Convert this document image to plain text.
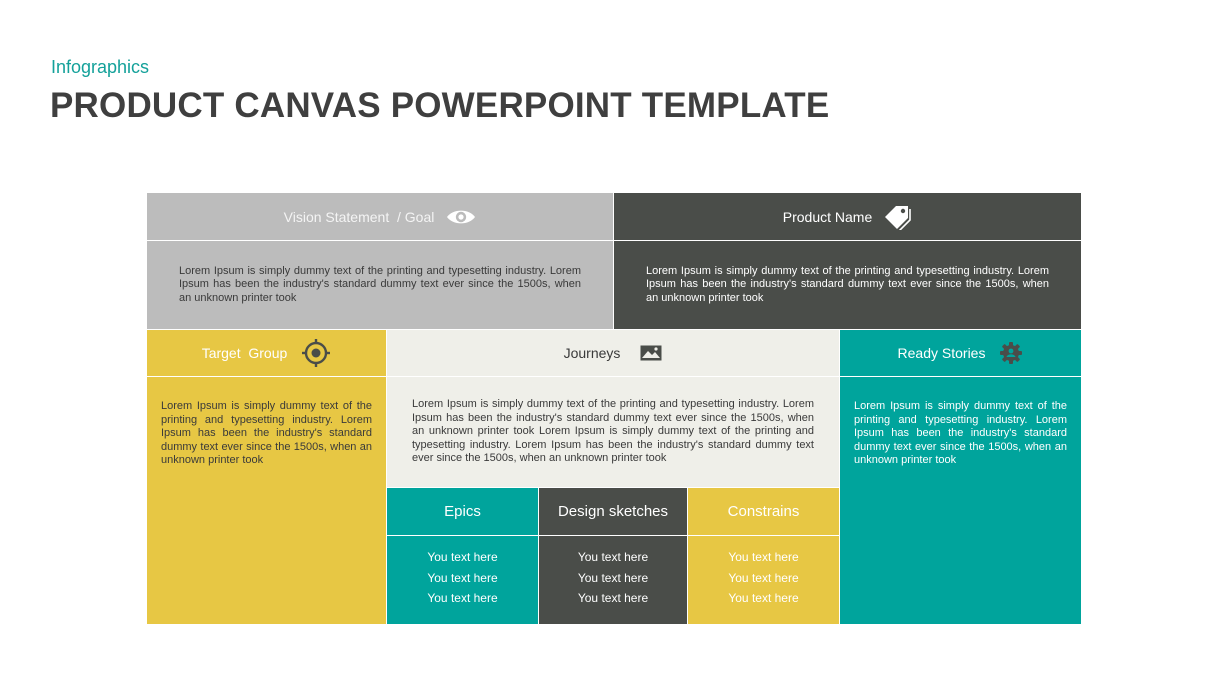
Infographics
PRODUCT CANVAS POWERPOINT TEMPLATE
Vision Statement  / Goal

Lorem Ipsum is simply dummy text of the printing and typesetting industry. Lorem Ipsum has been the industry's standard dummy text ever since the 1500s, when an unknown printer took

Product Name

Lorem Ipsum is simply dummy text of the printing and typesetting industry. Lorem Ipsum has been the industry's standard dummy text ever since the 1500s, when an unknown printer took

Target  Group

Lorem Ipsum is simply dummy text of the printing and typesetting industry. Lorem Ipsum has been the industry's standard dummy text ever since the 1500s, when an unknown printer took

Journeys

Lorem Ipsum is simply dummy text of the printing and typesetting industry. Lorem Ipsum has been the industry's standard dummy text ever since the 1500s, when an unknown printer took Lorem Ipsum is simply dummy text of the printing and typesetting industry. Lorem Ipsum has been the industry's standard dummy text ever since the 1500s, when an unknown printer took

Epics
You text here
You text here
You text here
Design sketches
You text here
You text here
You text here
Constrains
You text here
You text here
You text here
Ready Stories

Lorem Ipsum is simply dummy text of the printing and typesetting industry. Lorem Ipsum has been the industry's standard dummy text ever since the 1500s, when an unknown printer took
